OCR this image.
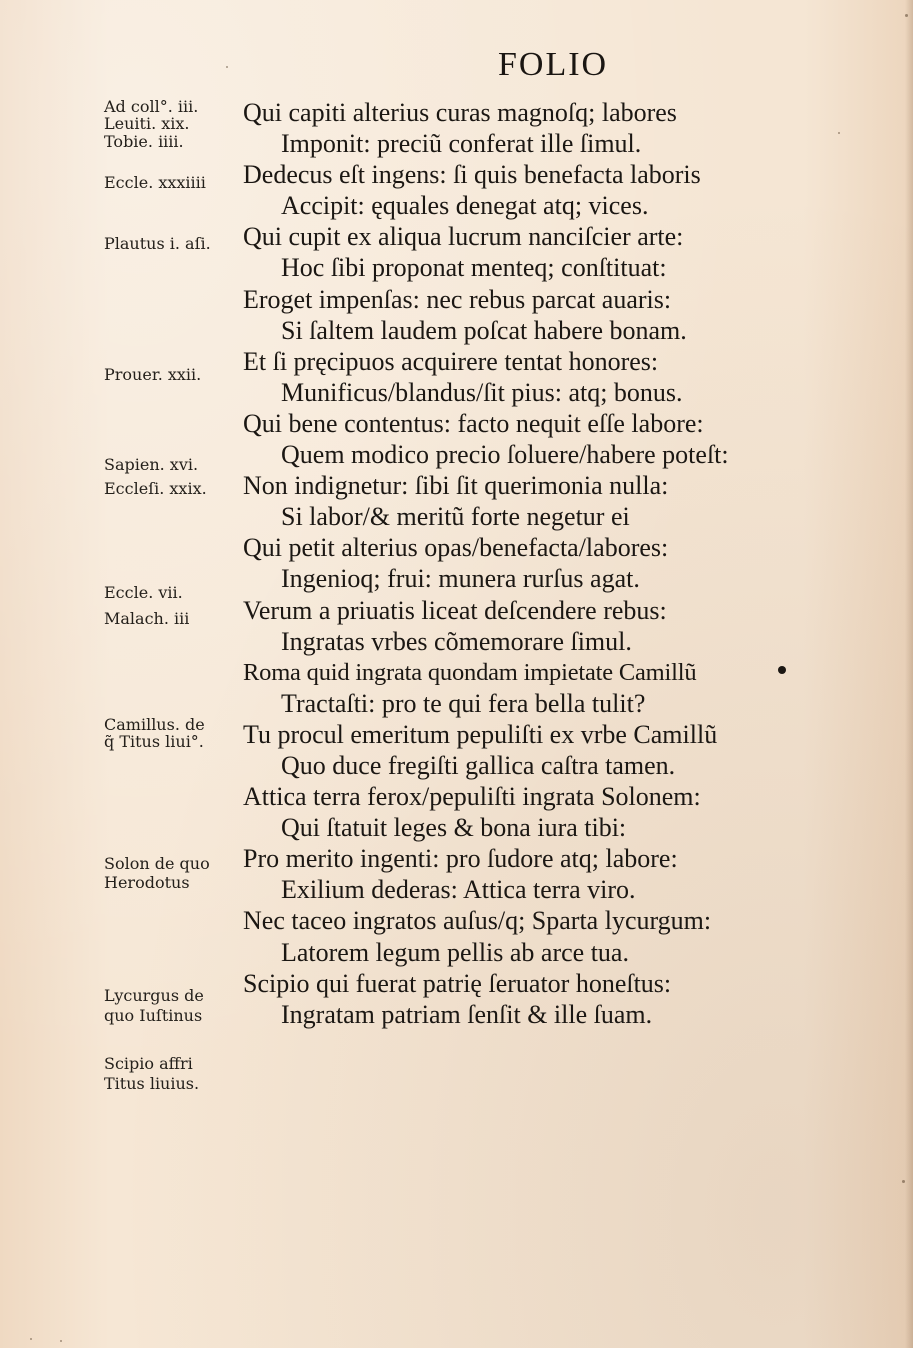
FOLIO
Ad coll°. iii.
Leuiti. xix.
Tobie. iiii.
Eccle. xxxiiii
Plautus i. aſi.
Prouer. xxii.
Sapien. xvi.
Eccleſi. xxix.
Eccle. vii.
Malach. iii
Camillus. de
q̃ Titus liui°.
Solon de quo
Herodotus
Lycurgus de
quo Iuſtinus
Scipio affri
Titus liuius.
Qui capiti alterius curas magnoſq; labores
Imponit: preciũ conferat ille ſimul.
Dedecus eſt ingens: ſi quis benefacta laboris
Accipit: ęquales denegat atq; vices.
Qui cupit ex aliqua lucrum nanciſcier arte:
Hoc ſibi proponat menteq; conſtituat:
Eroget impenſas: nec rebus parcat auaris:
Si ſaltem laudem poſcat habere bonam.
Et ſi pręcipuos acquirere tentat honores:
Munificus/blandus/ſit pius: atq; bonus.
Qui bene contentus: facto nequit eſſe labore:
Quem modico precio ſoluere/habere poteſt:
Non indignetur: ſibi ſit querimonia nulla:
Si labor/& meritũ forte negetur ei
Qui petit alterius opas/benefacta/labores:
Ingenioq; frui: munera rurſus agat.
Verum a priuatis liceat deſcendere rebus:
Ingratas vrbes cõmemorare ſimul.
Roma quid ingrata quondam impietate Camillũ
Tractaſti: pro te qui fera bella tulit?
Tu procul emeritum pepuliſti ex vrbe Camillũ
Quo duce fregiſti gallica caſtra tamen.
Attica terra ferox/pepuliſti ingrata Solonem:
Qui ſtatuit leges & bona iura tibi:
Pro merito ingenti: pro ſudore atq; labore:
Exilium dederas: Attica terra viro.
Nec taceo ingratos auſus/q; Sparta lycurgum:
Latorem legum pellis ab arce tua.
Scipio qui fuerat patrię ſeruator honeſtus:
Ingratam patriam ſenſit & ille ſuam.
